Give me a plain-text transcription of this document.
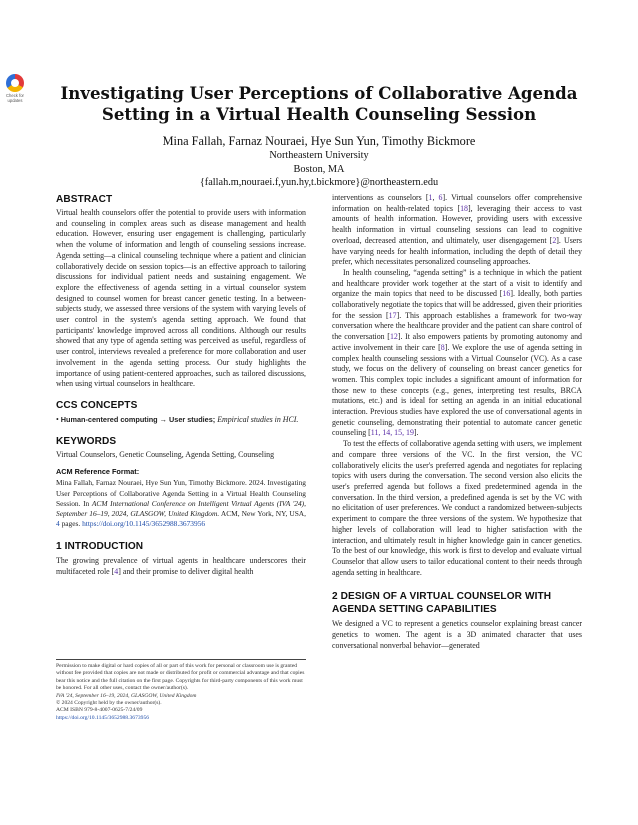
Check for updates	Investigating User Perceptions of Collaborative Agenda Setting in a Virtual Health Counseling Session
Mina Fallah, Farnaz Nouraei, Hye Sun Yun, Timothy Bickmore
Northeastern University
Boston, MA
{fallah.m,nouraei.f,yun.hy,t.bickmore}@northeastern.edu
ABSTRACT

Virtual health counselors offer the potential to provide users with information and counseling in complex areas such as disease management and health education. However, ensuring user engagement is challenging, particularly when the volume of information and length of counseling sessions increase. Agenda setting—a clinical counseling technique where a patient and clinician collaboratively decide on session topics—is an effective approach to tailoring discussions for individual patient needs and sustaining engagement. We explore the effectiveness of agenda setting in a virtual counselor system designed to counsel women for breast cancer genetic testing. In a between-subjects study, we assessed three versions of the system with varying levels of user control in the system's agenda setting approach. We found that participants' knowledge improved across all conditions. Although our results showed that any type of agenda setting was perceived as useful, regardless of user control, interviews revealed a preference for more collaboration and user involvement in the agenda setting process. Our study highlights the importance of using patient-centered approaches, such as tailored discussions, when using virtual counselors in healthcare.

CCS CONCEPTS

• Human-centered computing → User studies; Empirical studies in HCI.

KEYWORDS

Virtual Counselors, Genetic Counseling, Agenda Setting, Counseling

ACM Reference Format:

Mina Fallah, Farnaz Nouraei, Hye Sun Yun, Timothy Bickmore. 2024. Investigating User Perceptions of Collaborative Agenda Setting in a Virtual Health Counseling Session. In ACM International Conference on Intelligent Virtual Agents (IVA '24), September 16–19, 2024, GLASGOW, United Kingdom. ACM, New York, NY, USA, 4 pages. https://doi.org/10.1145/3652988.3673956

1 INTRODUCTION

The growing prevalence of virtual agents in healthcare underscores their multifaceted role [4] and their promise to deliver digital health

Permission to make digital or hard copies of all or part of this work for personal or classroom use is granted without fee provided that copies are not made or distributed for profit or commercial advantage and that copies bear this notice and the full citation on the first page. Copyrights for third-party components of this work must be honored. For all other uses, contact the owner/author(s).

IVA '24, September 16–19, 2024, GLASGOW, United Kingdom

© 2024 Copyright held by the owner/author(s).

ACM ISBN 979-8-4007-0625-7/24/09

https://doi.org/10.1145/3652988.3673956

interventions as counselors [1, 6]. Virtual counselors offer comprehensive information on health-related topics [18], leveraging their access to vast amounts of health information. However, providing users with excessive health information in virtual counseling sessions can lead to cognitive overload, decreased attention, and ultimately, user disengagement [2]. Users have varying needs for health information, including the depth of detail they prefer, which necessitates personalized counseling approaches.

In health counseling, “agenda setting” is a technique in which the patient and healthcare provider work together at the start of a visit to identify and organize the main topics that need to be discussed [16]. Ideally, both parties collaboratively negotiate the topics that will be addressed, given their priorities for the session [17]. This approach establishes a framework for two-way conversation where the healthcare provider and the patient can share control of the conversation [12]. It also empowers patients by promoting autonomy and active involvement in their care [8]. We explore the use of agenda setting in complex health counseling sessions with a Virtual Counselor (VC). As a case study, we focus on the delivery of counseling on breast cancer genetics for women. This complex topic includes a significant amount of information for those new to these concepts (e.g., genes, interpreting test results, BRCA mutations, etc.) and is ideal for setting an agenda in an initial educational interaction. Previous studies have explored the use of conversational agents in genetic counseling, demonstrating their potential to automate cancer genetic counseling [11, 14, 15, 19].

To test the effects of collaborative agenda setting with users, we implement and compare three versions of the VC. In the first version, the VC collaboratively elicits the user's preferred agenda and negotiates for replacing topics with users during the conversation. The second version also elicits the user's preferred agenda but follows a fixed predetermined agenda in the conversation. In the third version, a predefined agenda is set by the VC with no elicitation of user preferences. We conduct a randomized between-subjects experiment to compare the three versions of the system. We hypothesize that higher levels of collaboration will lead to higher satisfaction with the interaction, and ultimately result in higher knowledge gain in cancer genetics. To the best of our knowledge, this work is first to develop and evaluate virtual Counselor that allow users to tailor educational content to their needs through agenda setting in healthcare.

2 DESIGN OF A VIRTUAL COUNSELOR WITH AGENDA SETTING CAPABILITIES

We designed a VC to represent a genetics counselor explaining breast cancer genetics to women. The agent is a 3D animated character that uses conversational nonverbal behavior—generated
